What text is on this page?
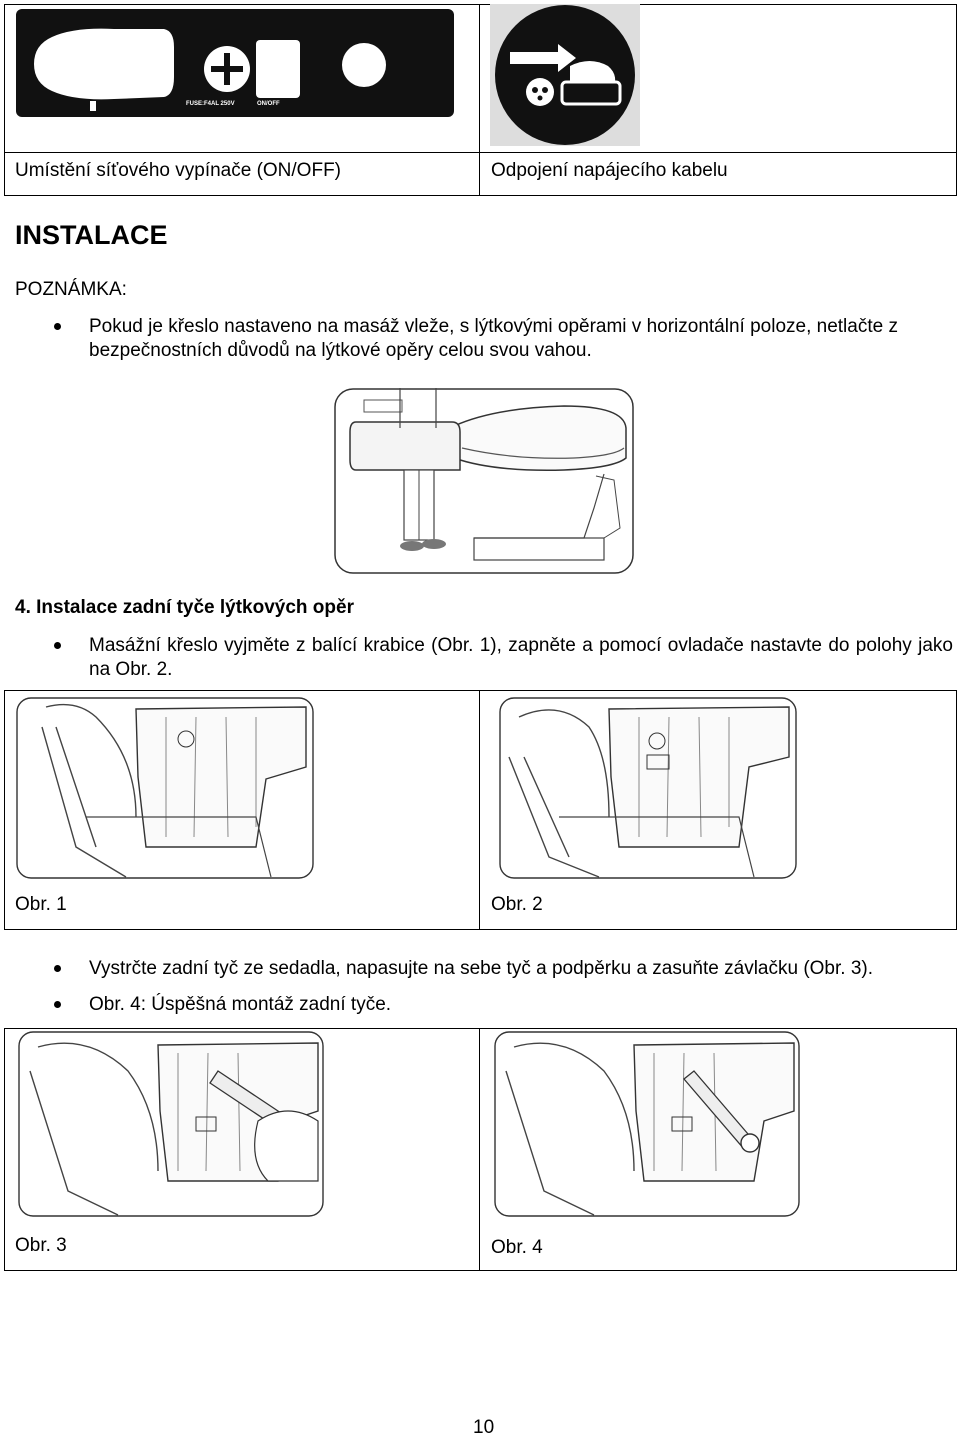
FUSE:F4AL 250V	ON/OFF
Umístění síťového vypínače (ON/OFF)	Odpojení napájecího kabelu
INSTALACE
POZNÁMKA:
Pokud je křeslo nastaveno na masáž vleže, s lýtkovými opěrami v horizontální poloze, netlačte z bezpečnostních důvodů na lýtkové opěry celou svou vahou.
4. Instalace zadní tyče lýtkových opěr
Masážní křeslo vyjměte z balící krabice (Obr. 1), zapněte a pomocí ovladače nastavte do polohy jako na Obr. 2.
Obr. 1	Obr. 2
Vystrčte zadní tyč ze sedadla, napasujte na sebe tyč a podpěrku a zasuňte závlačku (Obr. 3).
Obr. 4: Úspěšná montáž zadní tyče.
Obr. 3	Obr. 4
10
